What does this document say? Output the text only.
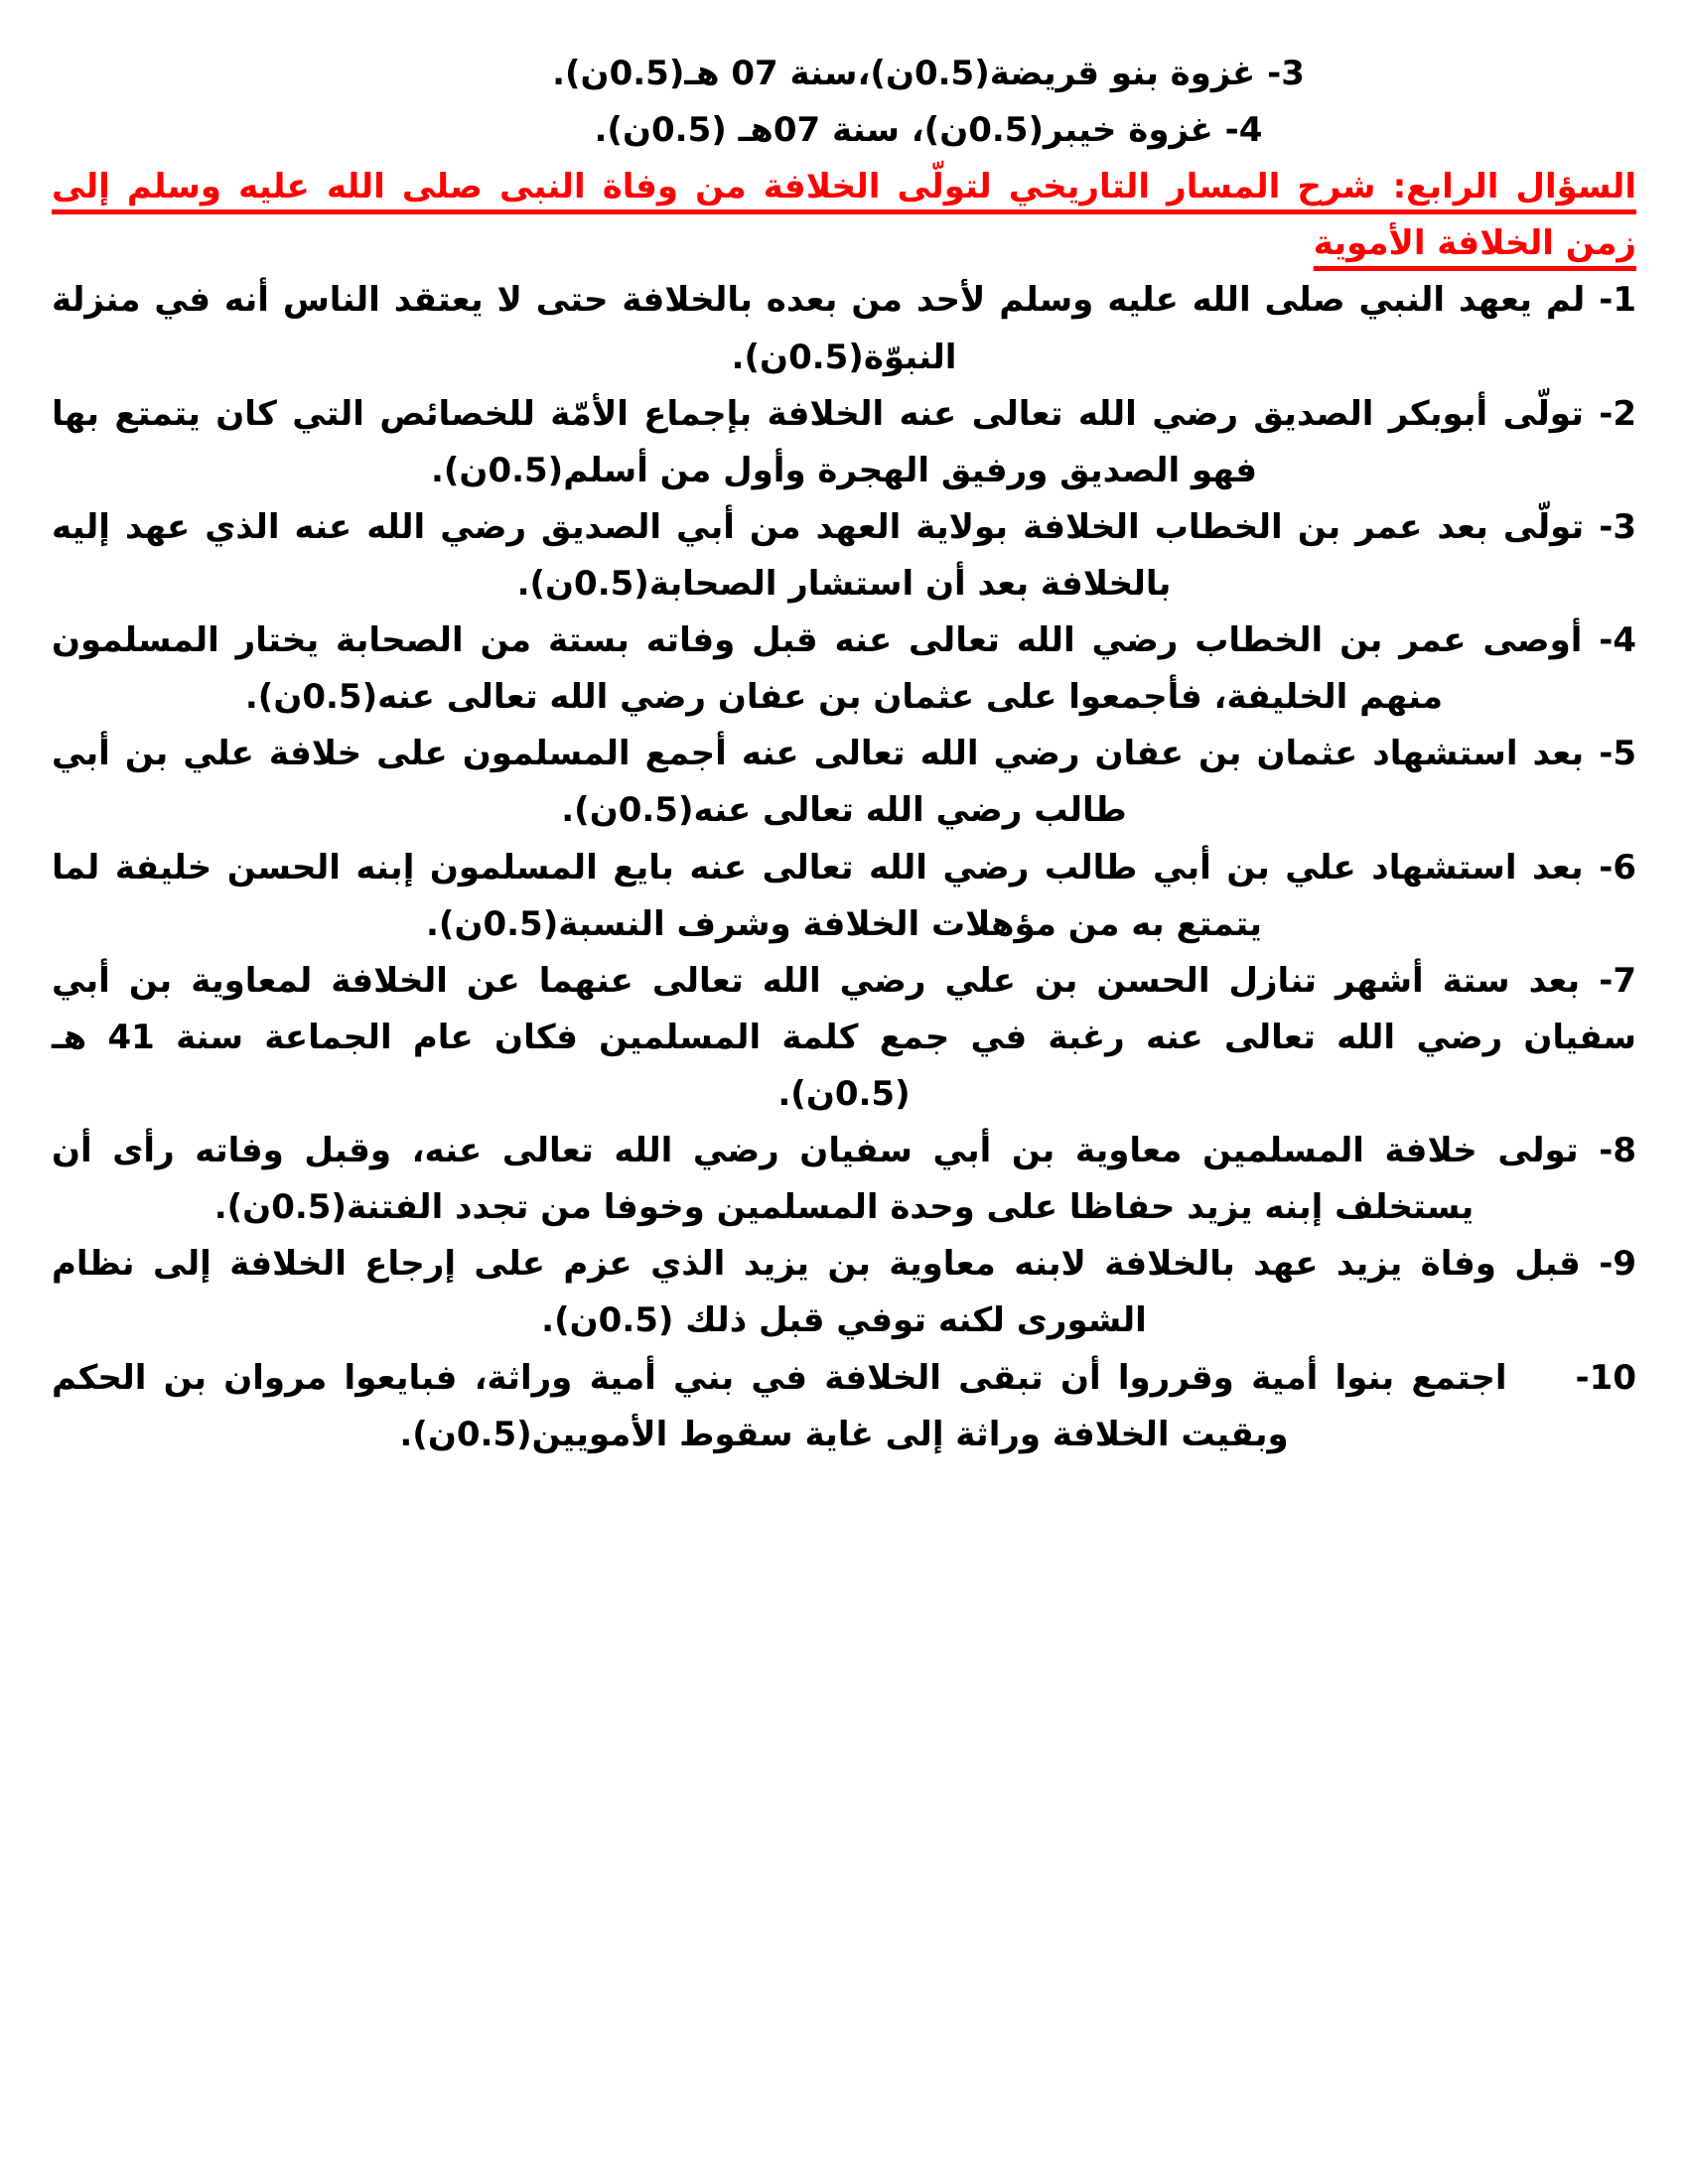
3- غزوة بنو قريضة(0.5ن)،سنة 07 هـ(0.5ن).

4- غزوة خيبر(0.5ن)، سنة 07هـ (0.5ن).

السؤال الرابع: شرح المسار التاريخي لتولّى الخلافة من وفاة النبى صلى الله عليه وسلم إلى زمن الخلافة الأموية

1- لم يعهد النبي صلى الله عليه وسلم لأحد من بعده بالخلافة حتى لا يعتقد الناس أنه في منزلة النبوّة(0.5ن).

2- تولّى أبوبكر الصديق رضي الله تعالى عنه الخلافة بإجماع الأمّة للخصائص التي كان يتمتع بها فهو الصديق ورفيق الهجرة وأول من أسلم(0.5ن).

3- تولّى بعد عمر بن الخطاب الخلافة بولاية العهد من أبي الصديق رضي الله عنه الذي عهد إليه بالخلافة بعد أن استشار الصحابة(0.5ن).

4- أوصى عمر بن الخطاب رضي الله تعالى عنه قبل وفاته بستة من الصحابة يختار المسلمون منهم الخليفة، فأجمعوا على عثمان بن عفان رضي الله تعالى عنه(0.5ن).

5- بعد استشهاد عثمان بن عفان رضي الله تعالى عنه أجمع المسلمون على خلافة علي بن أبي طالب رضي الله تعالى عنه(0.5ن).

6- بعد استشهاد علي بن أبي طالب رضي الله تعالى عنه بايع المسلمون إبنه الحسن خليفة لما يتمتع به من مؤهلات الخلافة وشرف النسبة(0.5ن).

7- بعد ستة أشهر تنازل الحسن بن علي رضي الله تعالى عنهما عن الخلافة لمعاوية بن أبي سفيان رضي الله تعالى عنه رغبة في جمع كلمة المسلمين فكان عام الجماعة سنة 41 هـ (0.5ن).

8- تولى خلافة المسلمين معاوية بن أبي سفيان رضي الله تعالى عنه، وقبل وفاته رأى أن يستخلف إبنه يزيد حفاظا على وحدة المسلمين وخوفا من تجدد الفتنة(0.5ن).

9- قبل وفاة يزيد عهد بالخلافة لابنه معاوية بن يزيد الذي عزم على إرجاع الخلافة إلى نظام الشورى لكنه توفي قبل ذلك (0.5ن).

10-    اجتمع بنوا أمية وقرروا أن تبقى الخلافة في بني أمية وراثة، فبايعوا مروان بن الحكم وبقيت الخلافة وراثة إلى غاية سقوط الأمويين(0.5ن).
